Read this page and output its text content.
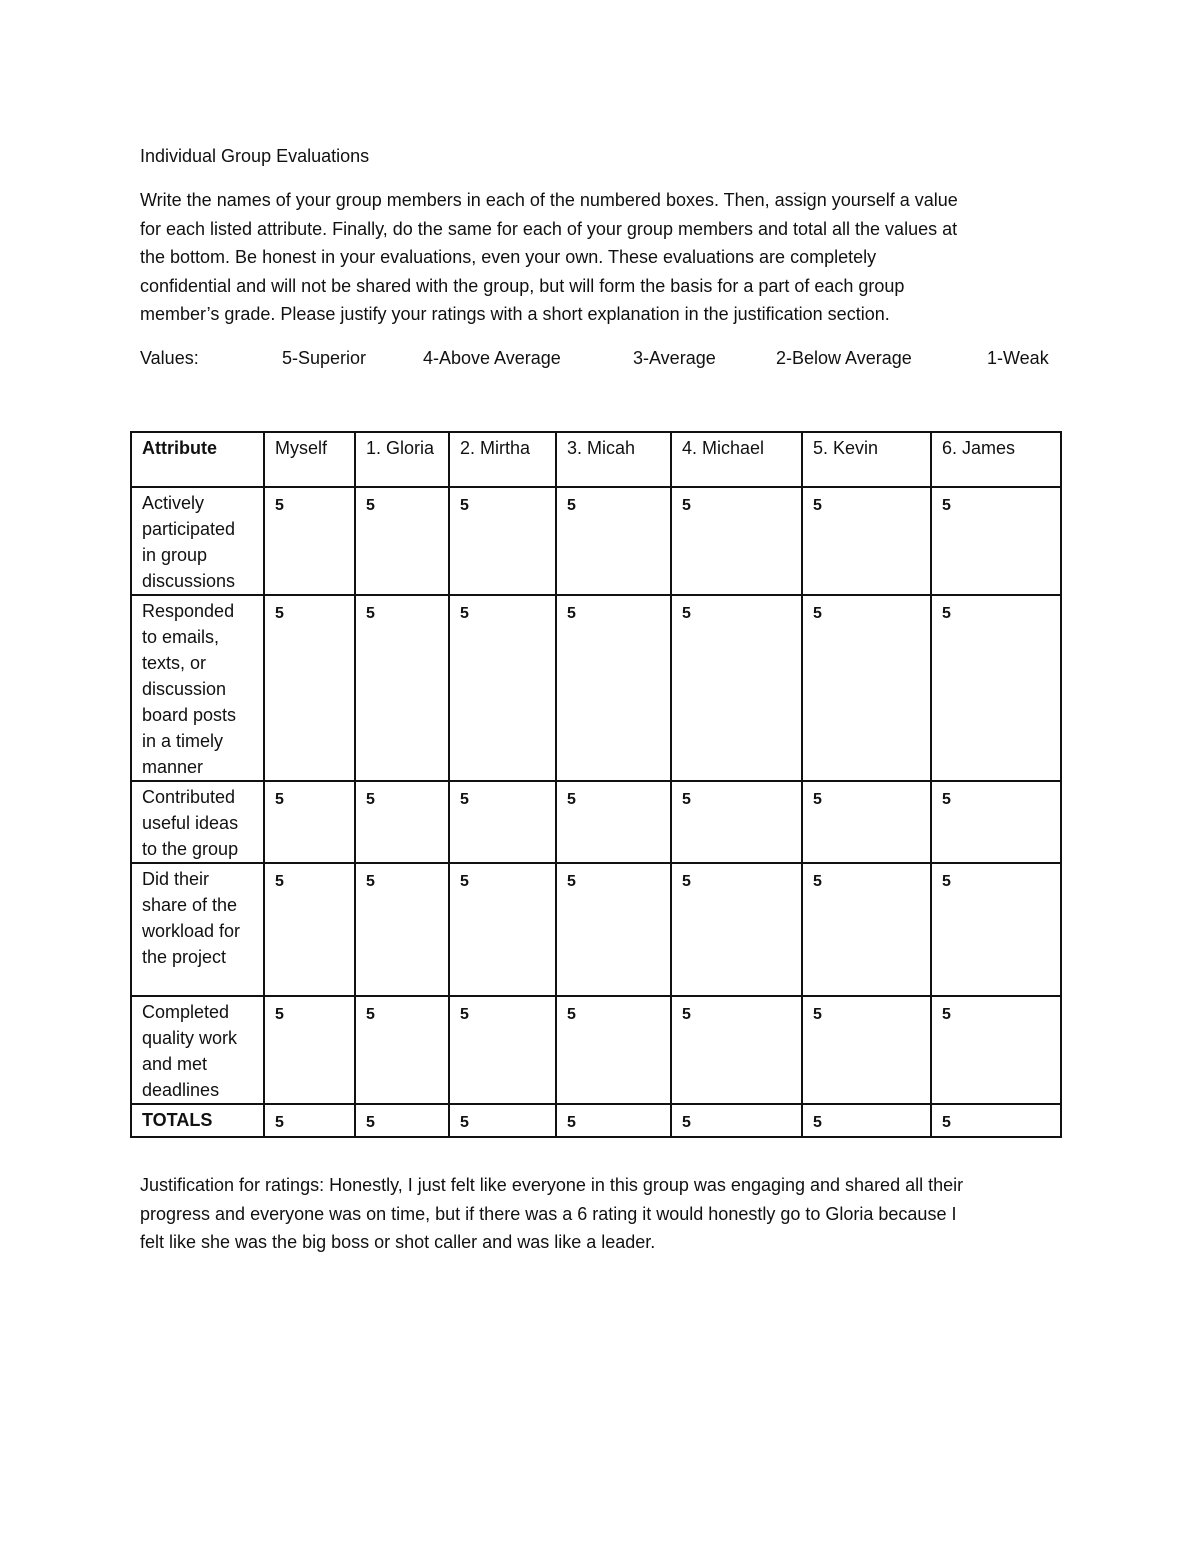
Individual Group Evaluations
Write the names of your group members in each of the numbered boxes. Then, assign yourself a value
for each listed attribute. Finally, do the same for each of your group members and total all the values at
the bottom. Be honest in your evaluations, even your own. These evaluations are completely
confidential and will not be shared with the group, but will form the basis for a part of each group
member’s grade. Please justify your ratings with a short explanation in the justification section.
Values:	5-Superior	4-Above Average	3-Average	2-Below Average	1-Weak
Attribute	Myself	1. Gloria	2. Mirtha	3. Micah	4. Michael	5. Kevin	6. James
Actively participated in group discussions	5	5	5	5	5	5	5
Responded to emails, texts, or discussion board posts in a timely manner	5	5	5	5	5	5	5
Contributed useful ideas to the group	5	5	5	5	5	5	5
Did their share of the workload for the project	5	5	5	5	5	5	5
Completed quality work and met deadlines	5	5	5	5	5	5	5
TOTALS	5	5	5	5	5	5	5
Justification for ratings: Honestly, I just felt like everyone in this group was engaging and shared all their
progress and everyone was on time, but if there was a 6 rating it would honestly go to Gloria because I
felt like she was the big boss or shot caller and was like a leader.
